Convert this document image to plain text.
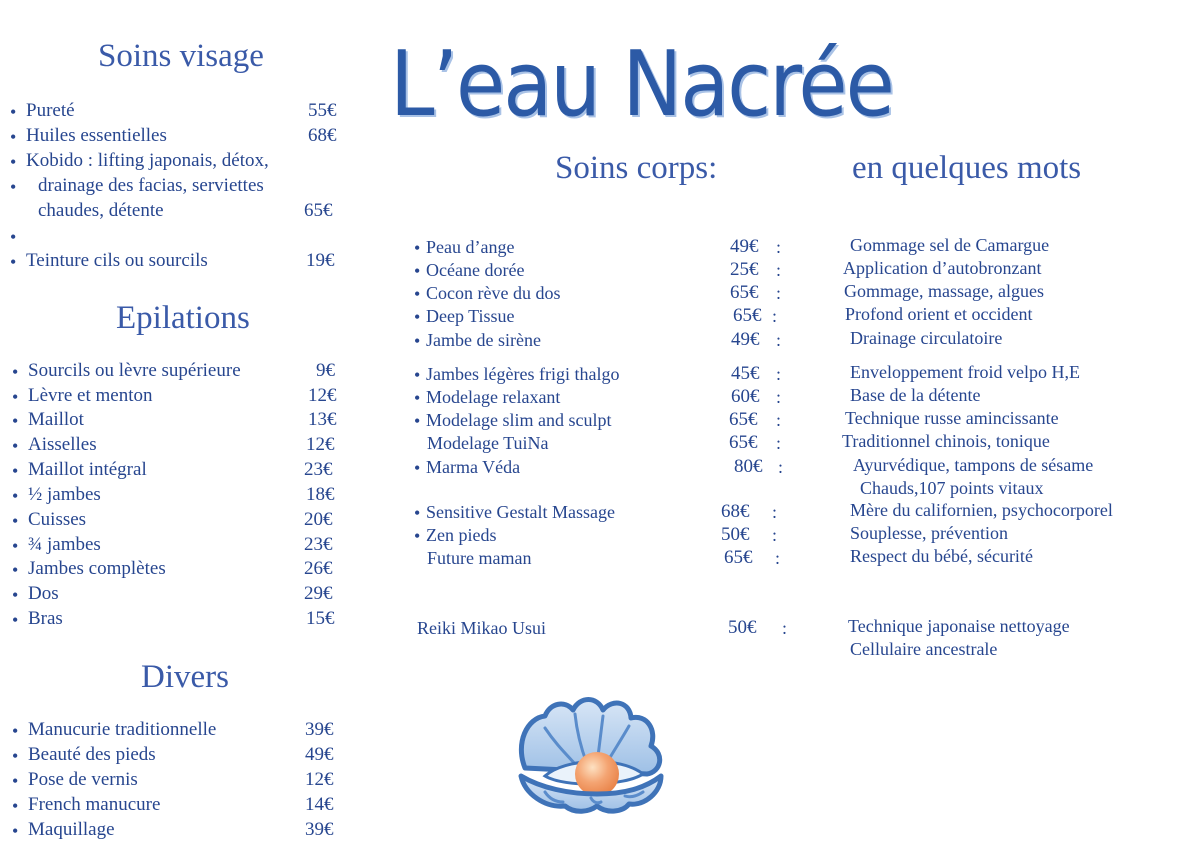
L’eau Nacrée
Soins visage
Epilations
Divers
Soins corps:	en quelques mots
• Pureté	55€
• Huiles essentielles	68€
• Kobido : lifting japonais, détox,
• drainage des facias, serviettes
chaudes, détente	65€
•
• Teinture cils ou sourcils	19€
• Sourcils ou lèvre supérieure	9€
• Lèvre et menton	12€
• Maillot	13€
• Aisselles	12€
• Maillot intégral	23€
• ½ jambes	18€
• Cuisses	20€
• ¾ jambes	23€
• Jambes complètes	26€
• Dos	29€
• Bras	15€
• Manucurie traditionnelle	39€
• Beauté des pieds	49€
• Pose de vernis	12€
• French manucure	14€
• Maquillage	39€
• Peau d’ange	49€ :	Gommage sel de Camargue
• Océane dorée	25€ :	Application d’autobronzant
• Cocon rève du dos	65€ :	Gommage, massage, algues
• Deep Tissue	65€ :	Profond orient et occident
• Jambe de sirène	49€ :	Drainage circulatoire
• Jambes légères frigi thalgo	45€ :	Enveloppement froid velpo H,E
• Modelage relaxant	60€ :	Base de la détente
• Modelage slim and sculpt	65€ :	Technique russe amincissante
Modelage TuiNa	65€ :	Traditionnel chinois, tonique
• Marma Véda	80€ :	Ayurvédique, tampons de sésame
Chauds,107 points vitaux
• Sensitive Gestalt Massage	68€ :	Mère du californien, psychocorporel
• Zen pieds	50€ :	Souplesse, prévention
Future maman	65€ :	Respect du bébé, sécurité
Reiki Mikao Usui	50€ :	Technique japonaise nettoyage
Cellulaire ancestrale
